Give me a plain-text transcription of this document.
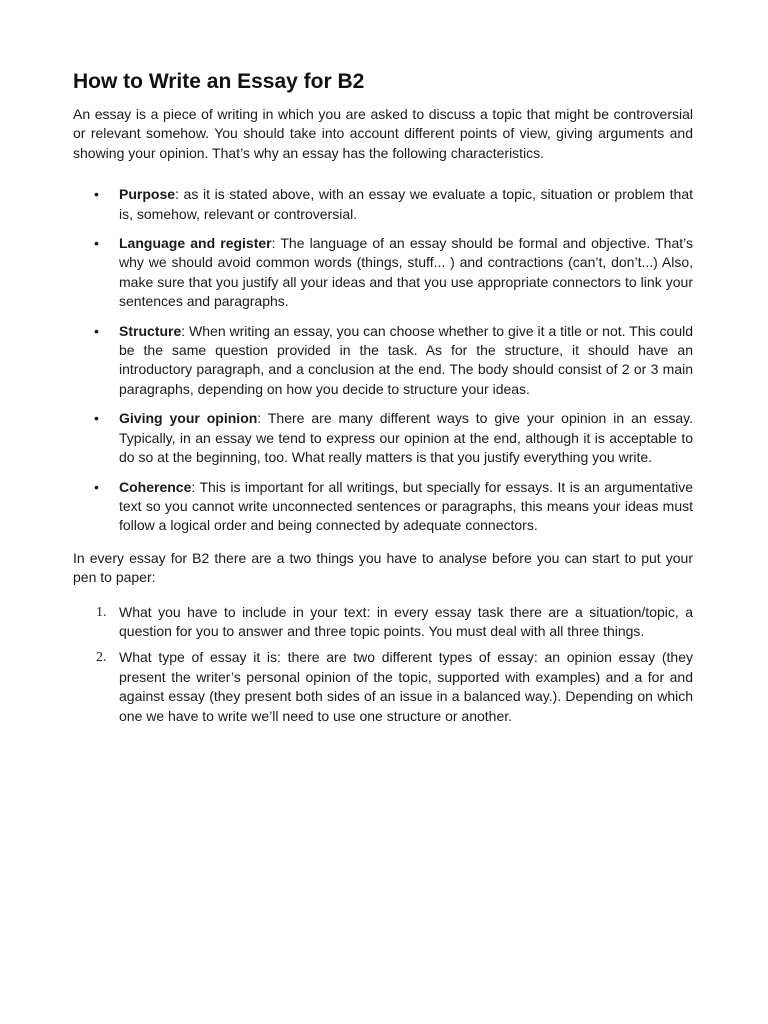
How to Write an Essay for B2

An essay is a piece of writing in which you are asked to discuss a topic that might be controversial or relevant somehow. You should take into account different points of view, giving arguments and showing your opinion. That’s why an essay has the following characteristics.

• Purpose: as it is stated above, with an essay we evaluate a topic, situation or problem that is, somehow, relevant or controversial.
• Language and register: The language of an essay should be formal and objective. That’s why we should avoid common words (things, stuff... ) and contractions (can’t, don’t...) Also, make sure that you justify all your ideas and that you use appropriate connectors to link your sentences and paragraphs.
• Structure: When writing an essay, you can choose whether to give it a title or not. This could be the same question provided in the task. As for the structure, it should have an introductory paragraph, and a conclusion at the end. The body should consist of 2 or 3 main paragraphs, depending on how you decide to structure your ideas.
• Giving your opinion: There are many different ways to give your opinion in an essay. Typically, in an essay we tend to express our opinion at the end, although it is acceptable to do so at the beginning, too. What really matters is that you justify everything you write.
• Coherence: This is important for all writings, but specially for essays. It is an argumentative text so you cannot write unconnected sentences or paragraphs, this means your ideas must follow a logical order and being connected by adequate connectors.

In every essay for B2 there are a two things you have to analyse before you can start to put your pen to paper:

1. What you have to include in your text: in every essay task there are a situation/topic, a question for you to answer and three topic points. You must deal with all three things.
2. What type of essay it is: there are two different types of essay: an opinion essay (they present the writer’s personal opinion of the topic, supported with examples) and a for and against essay (they present both sides of an issue in a balanced way.). Depending on which one we have to write we’ll need to use one structure or another.
